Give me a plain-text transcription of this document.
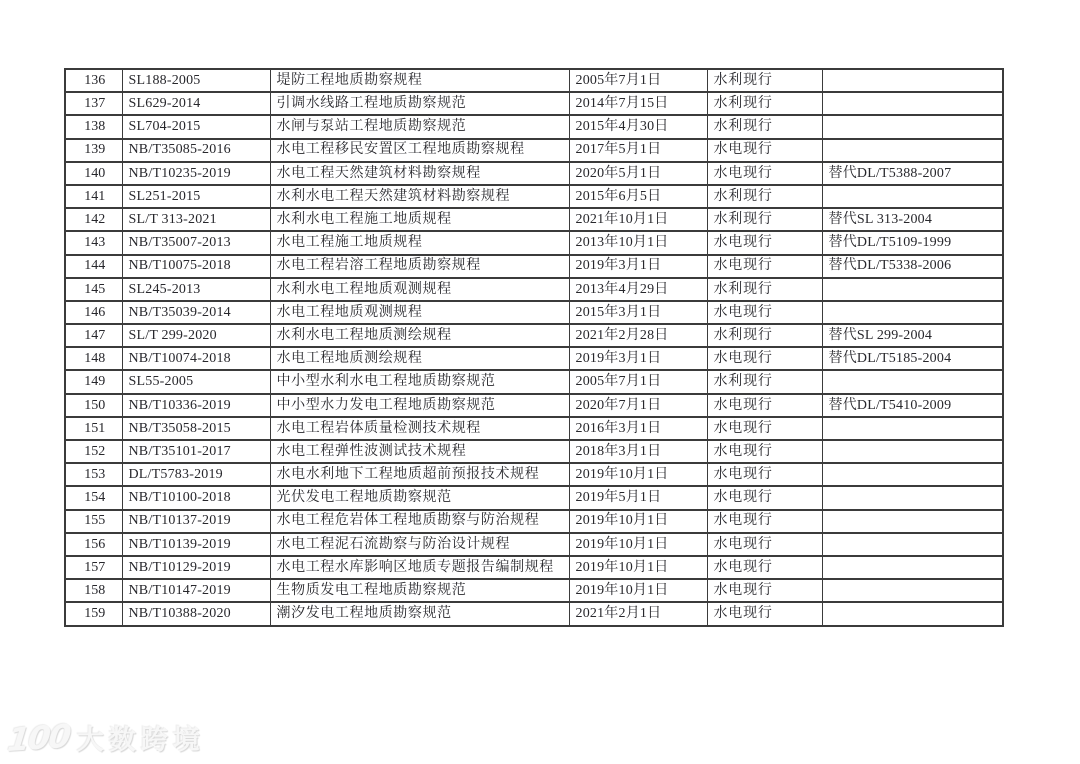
136	SL188-2005	堤防工程地质勘察规程	2005年7月1日	水利现行	
137	SL629-2014	引调水线路工程地质勘察规范	2014年7月15日	水利现行	
138	SL704-2015	水闸与泵站工程地质勘察规范	2015年4月30日	水利现行	
139	NB/T35085-2016	水电工程移民安置区工程地质勘察规程	2017年5月1日	水电现行	
140	NB/T10235-2019	水电工程天然建筑材料勘察规程	2020年5月1日	水电现行	替代DL/T5388-2007
141	SL251-2015	水利水电工程天然建筑材料勘察规程	2015年6月5日	水利现行	
142	SL/T 313-2021	水利水电工程施工地质规程	2021年10月1日	水利现行	替代SL 313-2004
143	NB/T35007-2013	水电工程施工地质规程	2013年10月1日	水电现行	替代DL/T5109-1999
144	NB/T10075-2018	水电工程岩溶工程地质勘察规程	2019年3月1日	水电现行	替代DL/T5338-2006
145	SL245-2013	水利水电工程地质观测规程	2013年4月29日	水利现行	
146	NB/T35039-2014	水电工程地质观测规程	2015年3月1日	水电现行	
147	SL/T 299-2020	水利水电工程地质测绘规程	2021年2月28日	水利现行	替代SL 299-2004
148	NB/T10074-2018	水电工程地质测绘规程	2019年3月1日	水电现行	替代DL/T5185-2004
149	SL55-2005	中小型水利水电工程地质勘察规范	2005年7月1日	水利现行	
150	NB/T10336-2019	中小型水力发电工程地质勘察规范	2020年7月1日	水电现行	替代DL/T5410-2009
151	NB/T35058-2015	水电工程岩体质量检测技术规程	2016年3月1日	水电现行	
152	NB/T35101-2017	水电工程弹性波测试技术规程	2018年3月1日	水电现行	
153	DL/T5783-2019	水电水利地下工程地质超前预报技术规程	2019年10月1日	水电现行	
154	NB/T10100-2018	光伏发电工程地质勘察规范	2019年5月1日	水电现行	
155	NB/T10137-2019	水电工程危岩体工程地质勘察与防治规程	2019年10月1日	水电现行	
156	NB/T10139-2019	水电工程泥石流勘察与防治设计规程	2019年10月1日	水电现行	
157	NB/T10129-2019	水电工程水库影响区地质专题报告编制规程	2019年10月1日	水电现行	
158	NB/T10147-2019	生物质发电工程地质勘察规范	2019年10月1日	水电现行	
159	NB/T10388-2020	潮汐发电工程地质勘察规范	2021年2月1日	水电现行	
100 大数跨境
